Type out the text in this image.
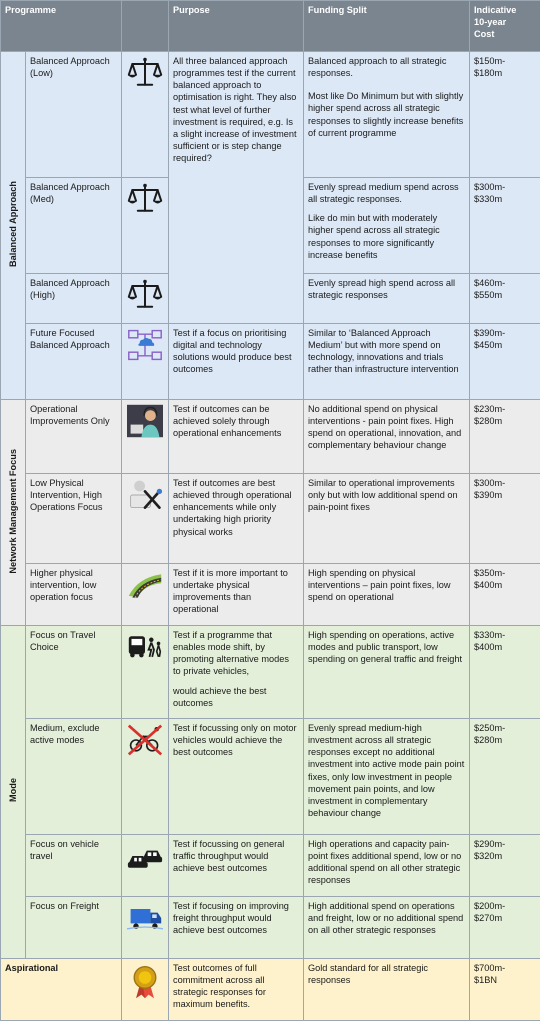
Programme			Purpose	Funding Split	Indicative
10-year
Cost
Balanced Approach	Balanced Approach (Low)		All three balanced approach programmes test if the current balanced approach to optimisation is right. They also test what level of further investment is required, e.g. Is a slight increase of investment sufficient or is step change required?	Balanced approach to all strategic responses.
Most like Do Minimum but with slightly higher spend across all strategic responses to slightly increase benefits of current programme	$150m-
$180m
	Balanced Approach (Med)			Evenly spread medium spend across all strategic responses.
Like do min but with moderately higher spend across all strategic responses to more significantly increase benefits	$300m-
$330m
	Balanced Approach (High)			Evenly spread high spend across all strategic responses	$460m-
$550m
	Future Focused Balanced Approach		Test if a focus on prioritising digital and technology solutions would produce best outcomes	Similar to ‘Balanced Approach Medium’ but with more spend on technology, innovations and trials rather than infrastructure intervention	$390m-
$450m
Network Management Focus	Operational Improvements Only		Test if outcomes can be achieved solely through operational enhancements	No additional spend on physical interventions - pain point fixes. High spend on operational, innovation, and complementary behaviour change	$230m-
$280m
	Low Physical Intervention, High Operations Focus		Test if outcomes are best achieved through operational enhancements while only undertaking high priority physical works	Similar to operational improvements only but with low additional spend on pain-point fixes	$300m-
$390m
	Higher physical intervention, low operation focus		Test if it is more important to undertake physical improvements than operational	High spending on physical interventions – pain point fixes, low spend on operational	$350m-
$400m
Mode	Focus on Travel Choice		Test if a programme that enables mode shift, by promoting alternative modes to private vehicles,
would achieve the best outcomes	High spending on operations, active modes and public transport, low spending on general traffic and freight	$330m-
$400m
	Medium, exclude active modes		Test if focussing only on motor vehicles would achieve the best outcomes	Evenly spread medium-high investment across all strategic responses except no additional investment into active mode pain point fixes, only low investment in people movement pain points, and low investment in complementary behaviour change	$250m-
$280m
	Focus on vehicle travel		Test if focussing on general traffic throughput would achieve best outcomes	High operations and capacity pain-point fixes additional spend, low or no additional spend on all other strategic responses	$290m-
$320m
	Focus on Freight		Test if focusing on improving freight throughput would achieve best outcomes	High additional spend on operations and freight, low or no additional spend on all other strategic responses	$200m-
$270m
Aspirational			Test outcomes of full commitment across all strategic responses for maximum benefits.	Gold standard for all strategic responses	$700m-
$1BN
